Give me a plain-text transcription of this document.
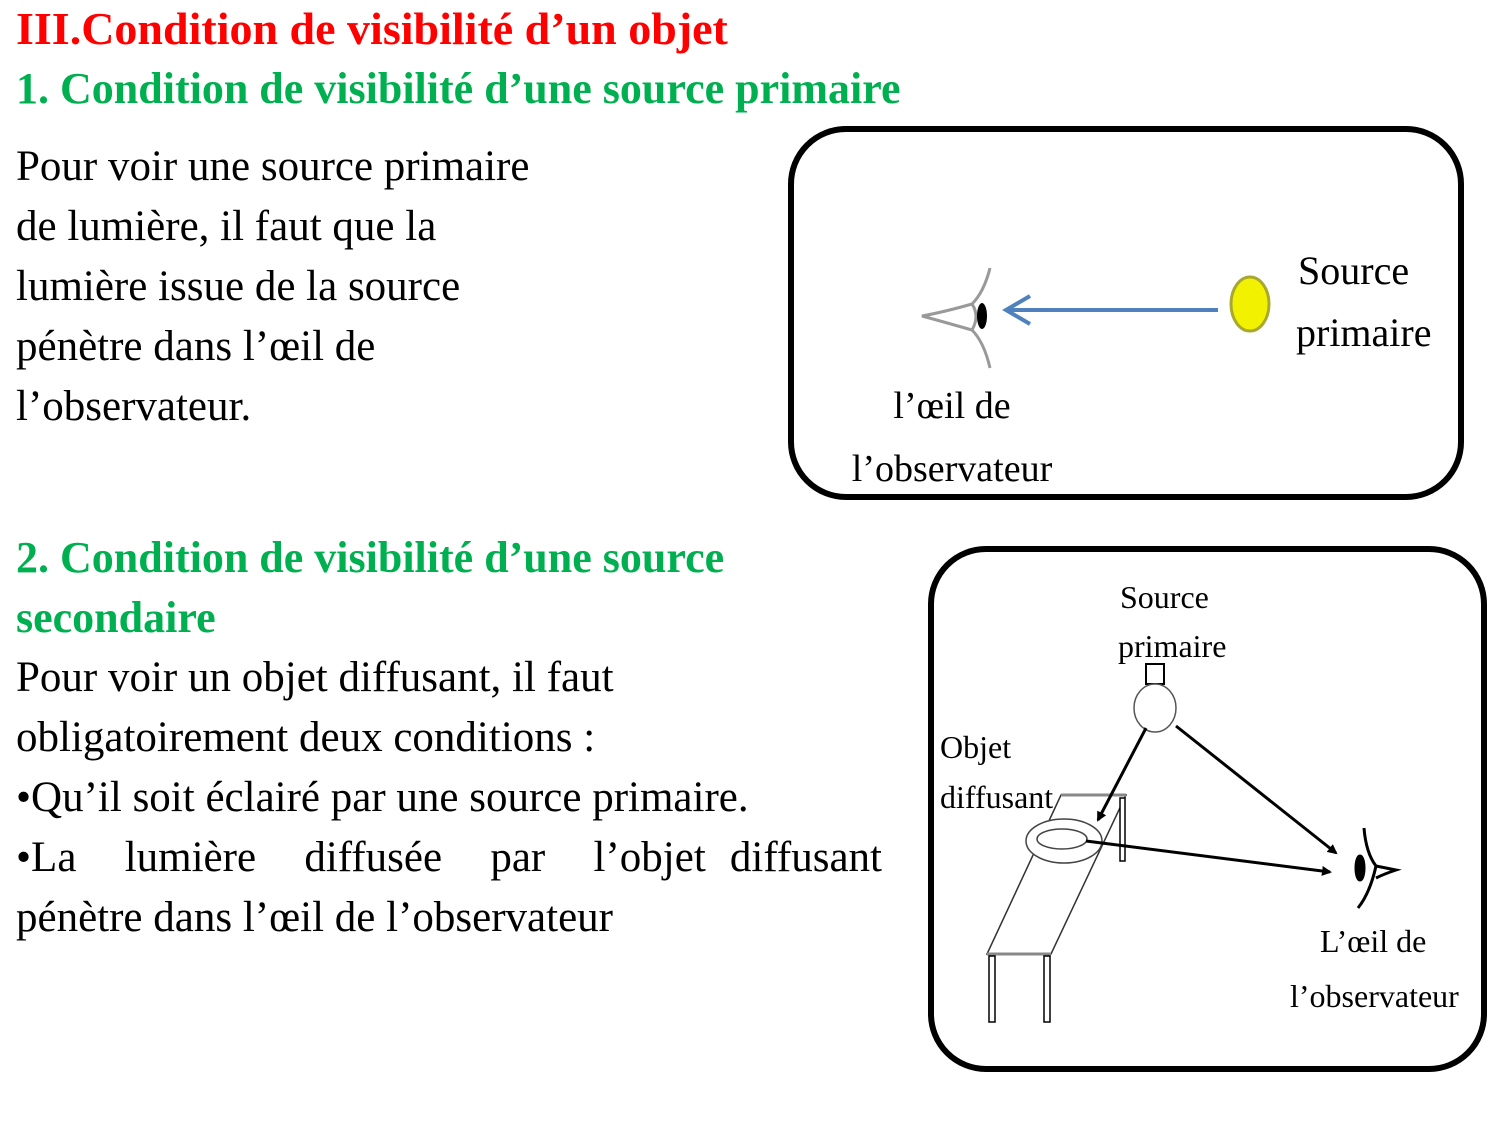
III.Condition de visibilité d’un objet
1. Condition de visibilité d’une source primaire
Pour voir une source primaire
de lumière, il faut que la
lumière issue de la source
pénètre dans l’œil de
l’observateur.
Source
primaire
l’œil de
l’observateur
2. Condition de visibilité d’une source
secondaire
Pour voir un objet diffusant, il faut
obligatoirement deux conditions :
•Qu’il soit éclairé par une source primaire.
•La  lumière  diffusée  par  l’objet diffusant
pénètre dans l’œil de l’observateur
Source
primaire
Objet
diffusant
L’œil de
l’observateur
